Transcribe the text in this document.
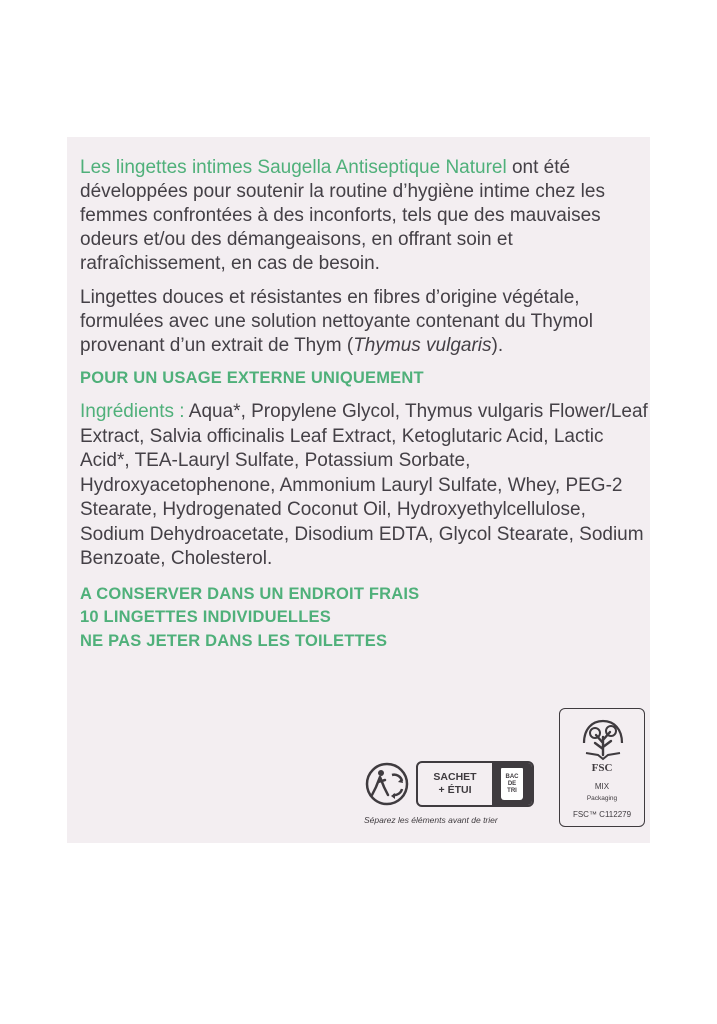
Les lingettes intimes Saugella Antiseptique Naturel ont été développées pour soutenir la routine d’hygiène intime chez les femmes confrontées à des inconforts, tels que des mauvaises odeurs et/ou des démangeaisons, en offrant soin et rafraîchissement, en cas de besoin.

Lingettes douces et résistantes en fibres d’origine végétale, formulées avec une solution nettoyante contenant du Thymol provenant d’un extrait de Thym (Thymus vulgaris).

POUR UN USAGE EXTERNE UNIQUEMENT

Ingrédients : Aqua*, Propylene Glycol, Thymus vulgaris Flower/Leaf Extract, Salvia officinalis Leaf Extract, Ketoglutaric Acid, Lactic Acid*, TEA-Lauryl Sulfate, Potassium Sorbate, Hydroxyacetophenone, Ammonium Lauryl Sulfate, Whey, PEG-2 Stearate, Hydrogenated Coconut Oil, Hydroxyethylcellulose, Sodium Dehydroacetate, Disodium EDTA, Glycol Stearate, Sodium Benzoate, Cholesterol.

A CONSERVER DANS UN ENDROIT FRAIS

10 LINGETTES INDIVIDUELLES

NE PAS JETER DANS LES TOILETTES

SACHET
+ ÉTUI
BAC
DE
TRI
Séparez les éléments avant de trier
FSC
MIX
Packaging
FSC™ C112279
